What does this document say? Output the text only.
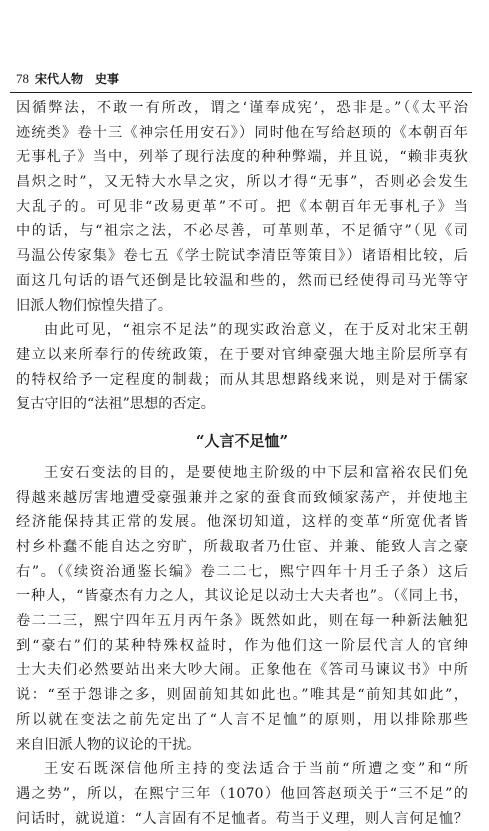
78 宋代人物 史事
因循弊法，不敢一有所改，谓之‘谨奉成宪’，恐非是。”（《太平治
迹统类》卷十三《神宗任用安石》）同时他在写给赵顼的《本朝百年
无事札子》当中，列举了现行法度的种种弊端，并且说，“赖非夷狄
昌炽之时”，又无特大水旱之灾，所以才得“无事”，否则必会发生
大乱子的。可见非“改易更革”不可。把《本朝百年无事札子》当
中的话，与“祖宗之法，不必尽善，可革则革，不足循守”（见《司
马温公传家集》卷七五《学士院试李清臣等策目》）诸语相比较，后
面这几句话的语气还倒是比较温和些的，然而已经使得司马光等守
旧派人物们惊惶失措了。
由此可见，“祖宗不足法”的现实政治意义，在于反对北宋王朝
建立以来所奉行的传统政策，在于要对官绅豪强大地主阶层所享有
的特权给予一定程度的制裁；而从其思想路线来说，则是对于儒家
复古守旧的“法祖”思想的否定。
“人言不足恤”
王安石变法的目的，是要使地主阶级的中下层和富裕农民们免
得越来越厉害地遭受豪强兼并之家的蚕食而致倾家荡产，并使地主
经济能保持其正常的发展。他深切知道，这样的变革“所宽优者皆
村乡朴蠢不能自达之穷旷，所裁取者乃仕宦、并兼、能致人言之豪
右”。（《续资治通鉴长编》卷二二七，熙宁四年十月壬子条）这后
一种人，“皆豪杰有力之人，其议论足以动士大夫者也”。（《同上书，
卷二二三，熙宁四年五月丙午条》既然如此，则在每一种新法触犯
到“豪右”们的某种特殊权益时，作为他们这一阶层代言人的官绅
士大夫们必然要站出来大吵大闹。正象他在《答司马谏议书》中所
说：“至于怨诽之多，则固前知其如此也。”唯其是“前知其如此”，
所以就在变法之前先定出了“人言不足恤”的原则，用以排除那些
来自旧派人物的议论的干扰。
王安石既深信他所主持的变法适合于当前“所遭之变”和“所
遇之势”，所以，在熙宁三年（1070）他回答赵顼关于“三不足”的
问话时，就说道：“人言固有不足恤者。苟当于义理，则人言何足恤？
